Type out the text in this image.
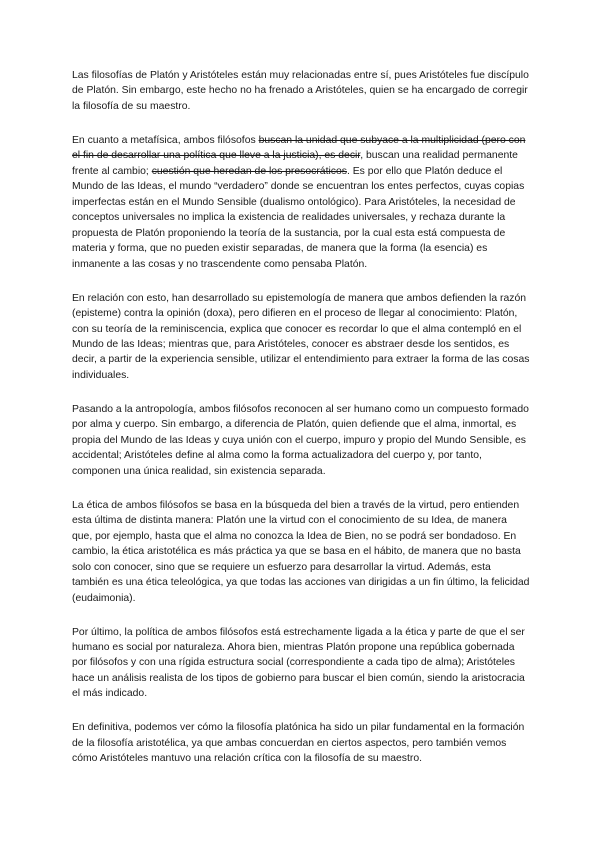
Las filosofías de Platón y Aristóteles están muy relacionadas entre sí, pues Aristóteles fue discípulo de Platón. Sin embargo, este hecho no ha frenado a Aristóteles, quien se ha encargado de corregir la filosofía de su maestro.

En cuanto a metafísica, ambos filósofos buscan la unidad que subyace a la multiplicidad (pero con el fin de desarrollar una política que lleve a la justicia), es decir, buscan una realidad permanente frente al cambio; cuestión que heredan de los presocráticos. Es por ello que Platón deduce el Mundo de las Ideas, el mundo “verdadero” donde se encuentran los entes perfectos, cuyas copias imperfectas están en el Mundo Sensible (dualismo ontológico). Para Aristóteles, la necesidad de conceptos universales no implica la existencia de realidades universales, y rechaza durante la propuesta de Platón proponiendo la teoría de la sustancia, por la cual esta está compuesta de materia y forma, que no pueden existir separadas, de manera que la forma (la esencia) es inmanente a las cosas y no trascendente como pensaba Platón.

En relación con esto, han desarrollado su epistemología de manera que ambos defienden la razón (episteme) contra la opinión (doxa), pero difieren en el proceso de llegar al conocimiento: Platón, con su teoría de la reminiscencia, explica que conocer es recordar lo que el alma contempló en el Mundo de las Ideas; mientras que, para Aristóteles, conocer es abstraer desde los sentidos, es decir, a partir de la experiencia sensible, utilizar el entendimiento para extraer la forma de las cosas individuales.

Pasando a la antropología, ambos filósofos reconocen al ser humano como un compuesto formado por alma y cuerpo. Sin embargo, a diferencia de Platón, quien defiende que el alma, inmortal, es propia del Mundo de las Ideas y cuya unión con el cuerpo, impuro y propio del Mundo Sensible, es accidental; Aristóteles define al alma como la forma actualizadora del cuerpo y, por tanto, componen una única realidad, sin existencia separada.

La ética de ambos filósofos se basa en la búsqueda del bien a través de la virtud, pero entienden esta última de distinta manera: Platón une la virtud con el conocimiento de su Idea, de manera que, por ejemplo, hasta que el alma no conozca la Idea de Bien, no se podrá ser bondadoso. En cambio, la ética aristotélica es más práctica ya que se basa en el hábito, de manera que no basta solo con conocer, sino que se requiere un esfuerzo para desarrollar la virtud. Además, esta también es una ética teleológica, ya que todas las acciones van dirigidas a un fin último, la felicidad (eudaimonia).

Por último, la política de ambos filósofos está estrechamente ligada a la ética y parte de que el ser humano es social por naturaleza. Ahora bien, mientras Platón propone una república gobernada por filósofos y con una rígida estructura social (correspondiente a cada tipo de alma); Aristóteles hace un análisis realista de los tipos de gobierno para buscar el bien común, siendo la aristocracia el más indicado.

En definitiva, podemos ver cómo la filosofía platónica ha sido un pilar fundamental en la formación de la filosofía aristotélica, ya que ambas concuerdan en ciertos aspectos, pero también vemos cómo Aristóteles mantuvo una relación crítica con la filosofía de su maestro.
